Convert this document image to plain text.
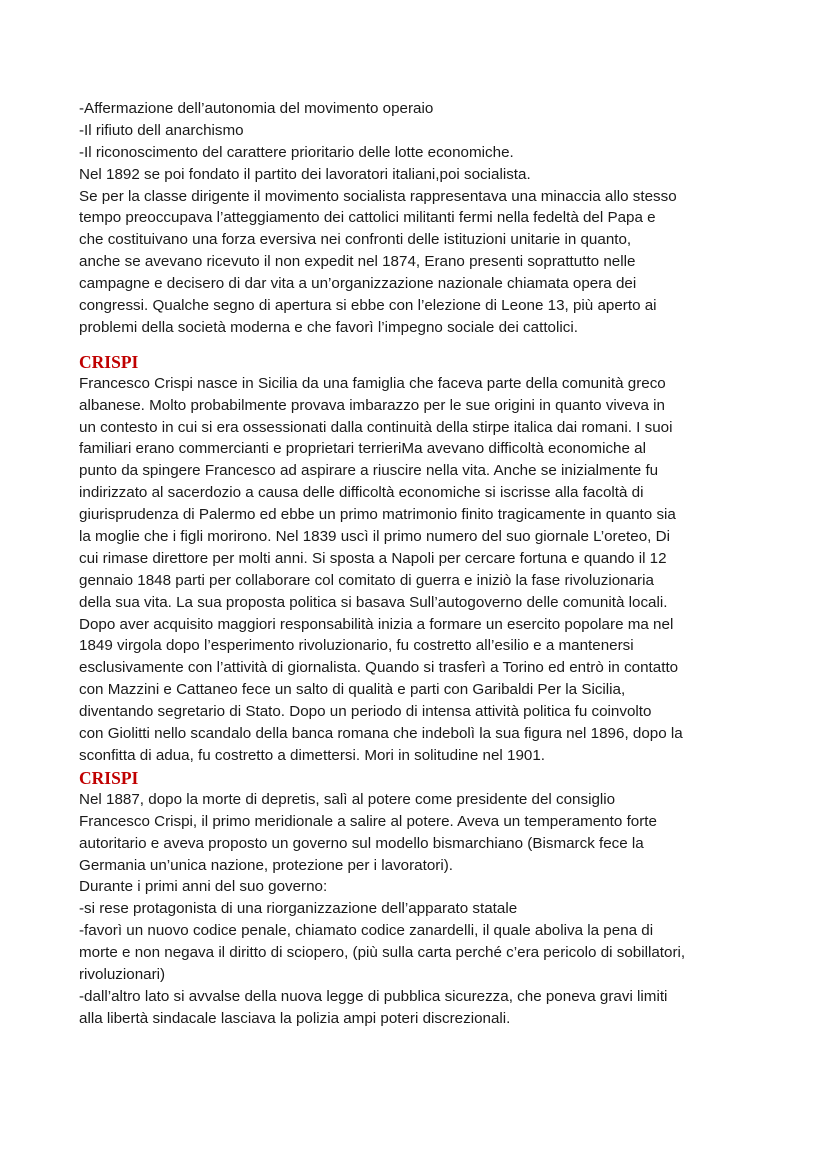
-Affermazione dell’autonomia del movimento operaio
-Il rifiuto dell anarchismo
-Il riconoscimento del carattere prioritario delle lotte economiche.
Nel 1892 se poi fondato il partito dei lavoratori italiani,poi socialista.
Se per la classe dirigente il movimento socialista rappresentava una minaccia allo stesso
tempo preoccupava l’atteggiamento dei cattolici militanti fermi nella fedeltà del Papa e
che costituivano una forza eversiva nei confronti delle istituzioni unitarie in quanto,
anche se avevano ricevuto il non expedit nel 1874, Erano presenti soprattutto nelle
campagne e decisero di dar vita a un’organizzazione nazionale chiamata opera dei
congressi. Qualche segno di apertura si ebbe con l’elezione di Leone 13, più aperto ai
problemi della società moderna e che favorì l’impegno sociale dei cattolici.
CRISPI
Francesco Crispi nasce in Sicilia da una famiglia che faceva parte della comunità greco
albanese. Molto probabilmente provava imbarazzo per le sue origini in quanto viveva in
un contesto in cui si era ossessionati dalla continuità della stirpe italica dai romani. I suoi
familiari erano commercianti e proprietari terrieriMa avevano difficoltà economiche al
punto da spingere Francesco ad aspirare a riuscire nella vita. Anche se inizialmente fu
indirizzato al sacerdozio a causa delle difficoltà economiche si iscrisse alla facoltà di
giurisprudenza di Palermo ed ebbe un primo matrimonio finito tragicamente in quanto sia
la moglie che i figli morirono. Nel 1839 uscì il primo numero del suo giornale L’oreteo, Di
cui rimase direttore per molti anni. Si sposta a Napoli per cercare fortuna e quando il 12
gennaio 1848 parti per collaborare col comitato di guerra e iniziò la fase rivoluzionaria
della sua vita. La sua proposta politica si basava Sull’autogoverno delle comunità locali.
Dopo aver acquisito maggiori responsabilità inizia a formare un esercito popolare ma nel
1849 virgola dopo l’esperimento rivoluzionario, fu costretto all’esilio e a mantenersi
esclusivamente con l’attività di giornalista. Quando si trasferì a Torino ed entrò in contatto
con Mazzini e Cattaneo fece un salto di qualità e parti con Garibaldi Per la Sicilia,
diventando segretario di Stato. Dopo un periodo di intensa attività politica fu coinvolto
con Giolitti nello scandalo della banca romana che indebolì la sua figura nel 1896, dopo la
sconfitta di adua, fu costretto a dimettersi. Mori in solitudine nel 1901.
CRISPI
Nel 1887, dopo la morte di depretis, salì al potere come presidente del consiglio
Francesco Crispi, il primo meridionale a salire al potere. Aveva un temperamento forte
autoritario e aveva proposto un governo sul modello bismarchiano (Bismarck fece la
Germania un’unica nazione, protezione per i lavoratori).
Durante i primi anni del suo governo:
-si rese protagonista di una riorganizzazione dell’apparato statale
-favorì un nuovo codice penale, chiamato codice zanardelli, il quale aboliva la pena di
morte e non negava il diritto di sciopero, (più sulla carta perché c’era pericolo di sobillatori,
rivoluzionari)
-dall’altro lato si avvalse della nuova legge di pubblica sicurezza, che poneva gravi limiti
alla libertà sindacale lasciava la polizia ampi poteri discrezionali.
